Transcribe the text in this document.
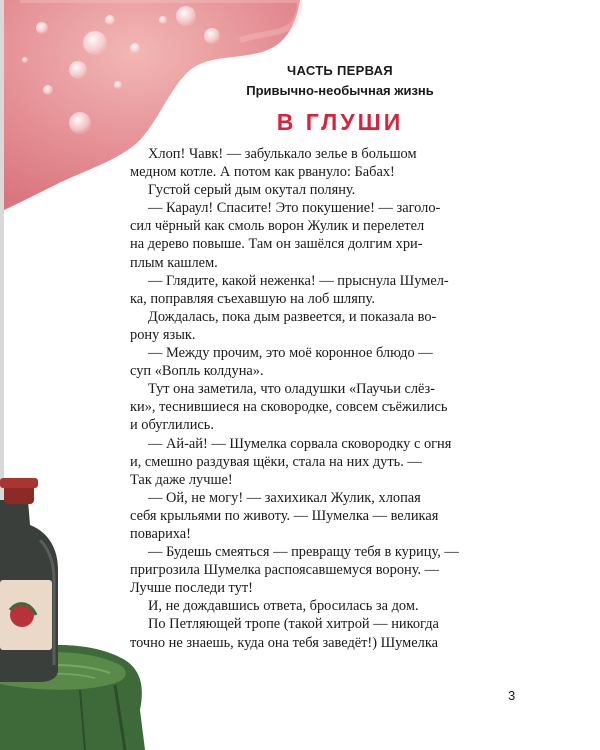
ЧАСТЬ ПЕРВАЯ
Привычно-необычная жизнь
В ГЛУШИ
Хлоп! Чавк! — забулькало зелье в большом
медном котле. А потом как рвануло: Бабах!
Густой серый дым окутал поляну.
— Караул! Спасите! Это покушение! — заголо-
сил чёрный как смоль ворон Жулик и перелетел
на дерево повыше. Там он зашёлся долгим хри-
плым кашлем.
— Глядите, какой неженка! — прыснула Шумел-
ка, поправляя съехавшую на лоб шляпу.
Дождалась, пока дым развеется, и показала во-
рону язык.
— Между прочим, это моё коронное блюдо —
суп «Вопль колдуна».
Тут она заметила, что оладушки «Паучьи слёз-
ки», теснившиеся на сковородке, совсем съёжились
и обуглились.
— Ай-ай! — Шумелка сорвала сковородку с огня
и, смешно раздувая щёки, стала на них дуть. —
Так даже лучше!
— Ой, не могу! — захихикал Жулик, хлопая
себя крыльями по животу. — Шумелка — великая
повариха!
— Будешь смеяться — превращу тебя в курицу, —
пригрозила Шумелка распоясавшемуся ворону. —
Лучше последи тут!
И, не дождавшись ответа, бросилась за дом.
По Петляющей тропе (такой хитрой — никогда
точно не знаешь, куда она тебя заведёт!) Шумелка
3
